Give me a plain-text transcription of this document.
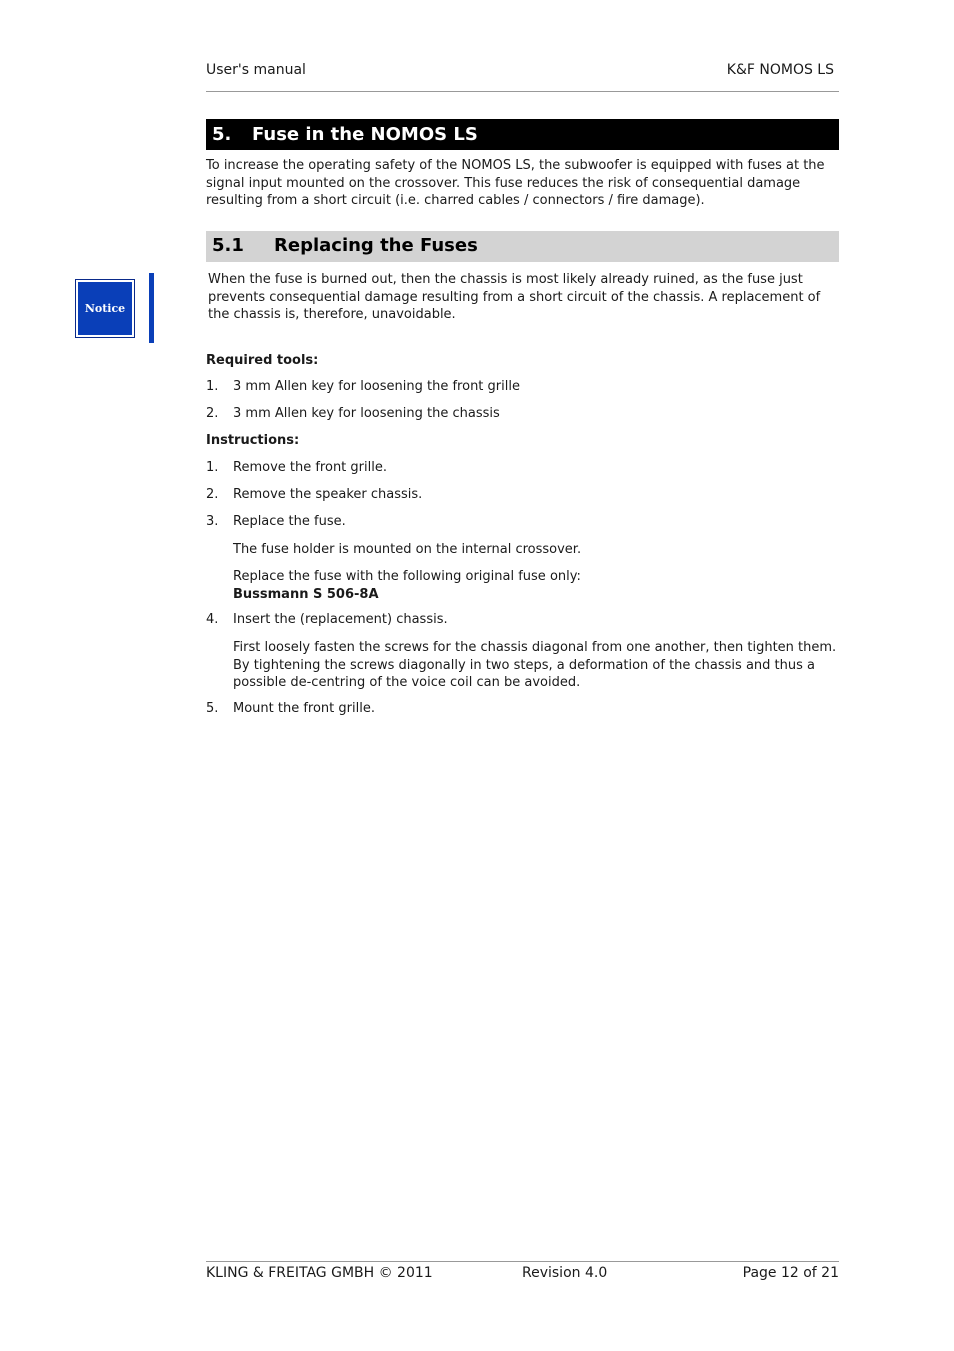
User's manual	K&F NOMOS LS
5. Fuse in the NOMOS LS
To increase the operating safety of the NOMOS LS, the subwoofer is equipped with fuses at the signal input mounted on the crossover. This fuse reduces the risk of consequential damage resulting from a short circuit (i.e. charred cables / connectors / fire damage).
5.1 Replacing the Fuses
Notice
When the fuse is burned out, then the chassis is most likely already ruined, as the fuse just prevents consequential damage resulting from a short circuit of the chassis. A replacement of the chassis is, therefore, unavoidable.
Required tools:
1. 3 mm Allen key for loosening the front grille
2. 3 mm Allen key for loosening the chassis
Instructions:
1. Remove the front grille.
2. Remove the speaker chassis.
3. Replace the fuse.
The fuse holder is mounted on the internal crossover.
Replace the fuse with the following original fuse only:
Bussmann S 506-8A
4. Insert the (replacement) chassis.
First loosely fasten the screws for the chassis diagonal from one another, then tighten them. By tightening the screws diagonally in two steps, a deformation of the chassis and thus a possible de-centring of the voice coil can be avoided.
5. Mount the front grille.
KLING & FREITAG GMBH © 2011	Revision 4.0	Page 12 of 21
